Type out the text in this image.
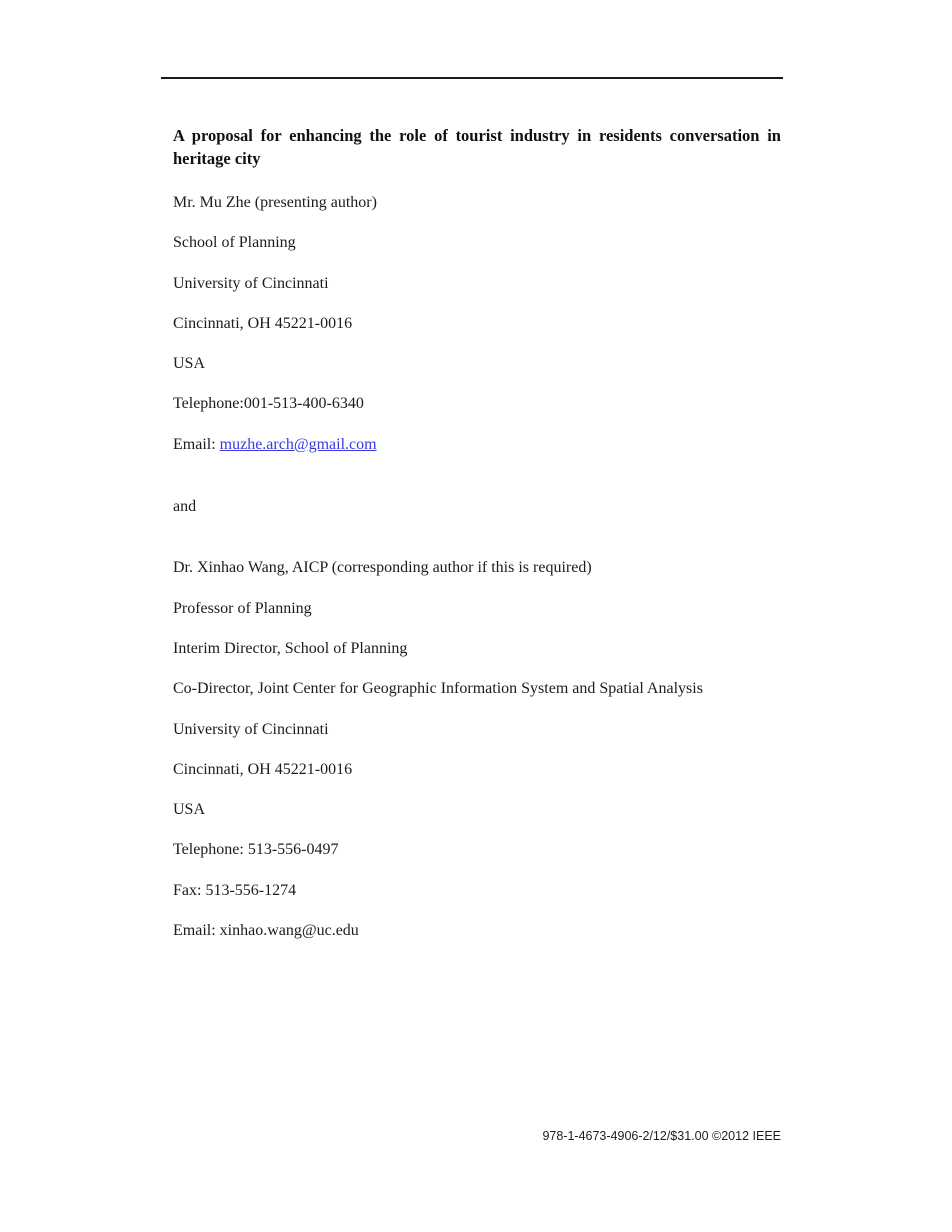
A proposal for enhancing the role of tourist industry in residents conversation in
heritage city

Mr. Mu Zhe (presenting author)

School of Planning

University of Cincinnati

Cincinnati, OH 45221-0016

USA

Telephone:001-513-400-6340

Email: muzhe.arch@gmail.com

and

Dr. Xinhao Wang, AICP (corresponding author if this is required)

Professor of Planning

Interim Director, School of Planning

Co-Director, Joint Center for Geographic Information System and Spatial Analysis

University of Cincinnati

Cincinnati, OH 45221-0016

USA

Telephone: 513-556-0497

Fax: 513-556-1274

Email: xinhao.wang@uc.edu

978-1-4673-4906-2/12/$31.00 ©2012 IEEE
